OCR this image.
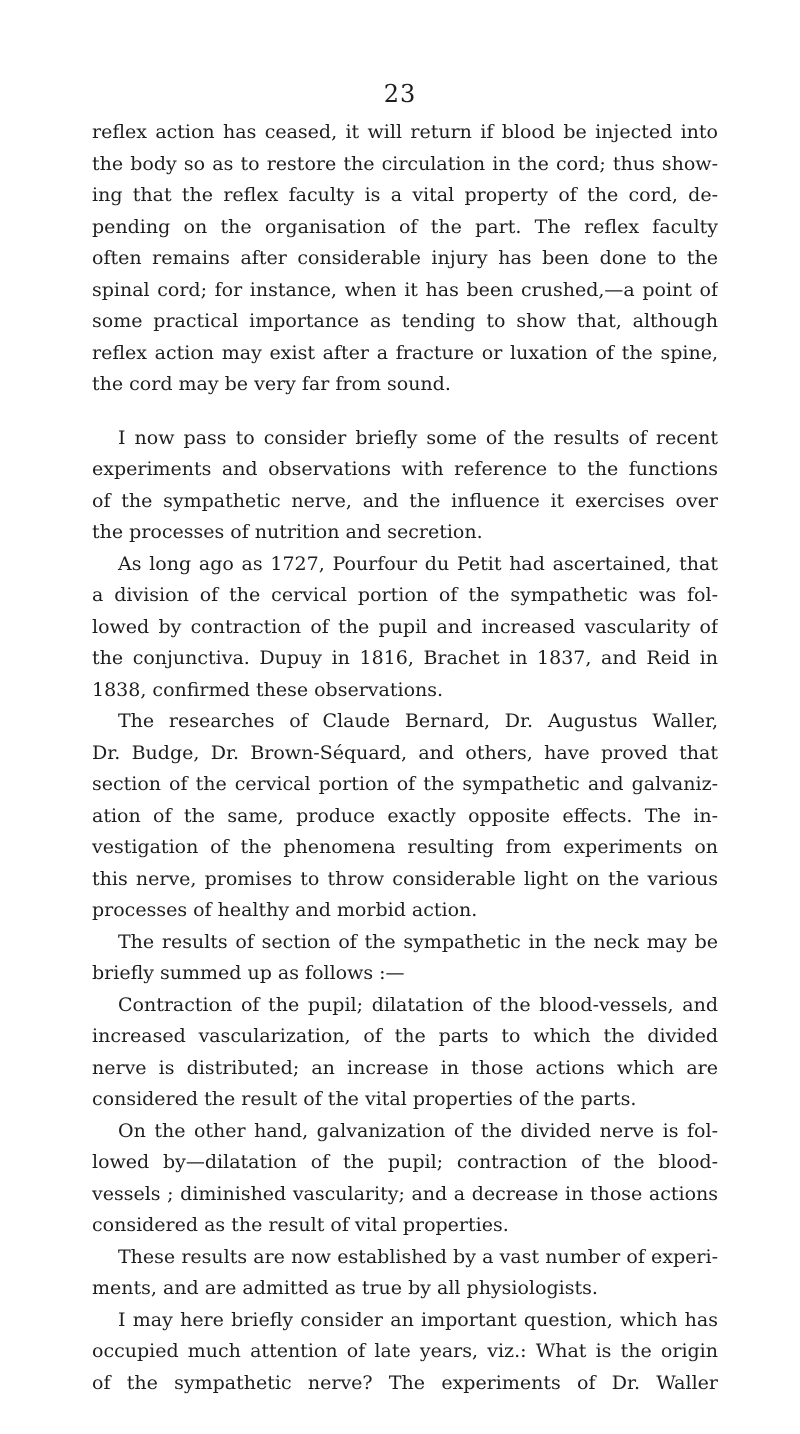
23
reflex action has ceased, it will return if blood be injected into
the body so as to restore the circulation in the cord; thus show-
ing that the reflex faculty is a vital property of the cord, de-
pending on the organisation of the part. The reflex faculty
often remains after considerable injury has been done to the
spinal cord; for instance, when it has been crushed,—a point of
some practical importance as tending to show that, although
reflex action may exist after a fracture or luxation of the spine,
the cord may be very far from sound.
I now pass to consider briefly some of the results of recent
experiments and observations with reference to the functions
of the sympathetic nerve, and the influence it exercises over
the processes of nutrition and secretion.
As long ago as 1727, Pourfour du Petit had ascertained, that
a division of the cervical portion of the sympathetic was fol-
lowed by contraction of the pupil and increased vascularity of
the conjunctiva. Dupuy in 1816, Brachet in 1837, and Reid in
1838, confirmed these observations.
The researches of Claude Bernard, Dr. Augustus Waller,
Dr. Budge, Dr. Brown-Séquard, and others, have proved that
section of the cervical portion of the sympathetic and galvaniz-
ation of the same, produce exactly opposite effects. The in-
vestigation of the phenomena resulting from experiments on
this nerve, promises to throw considerable light on the various
processes of healthy and morbid action.
The results of section of the sympathetic in the neck may be
briefly summed up as follows :—
Contraction of the pupil; dilatation of the blood-vessels, and
increased vascularization, of the parts to which the divided
nerve is distributed; an increase in those actions which are
considered the result of the vital properties of the parts.
On the other hand, galvanization of the divided nerve is fol-
lowed by—dilatation of the pupil; contraction of the blood-
vessels ; diminished vascularity; and a decrease in those actions
considered as the result of vital properties.
These results are now established by a vast number of experi-
ments, and are admitted as true by all physiologists.
I may here briefly consider an important question, which has
occupied much attention of late years, viz.: What is the origin
of the sympathetic nerve? The experiments of Dr. Waller
